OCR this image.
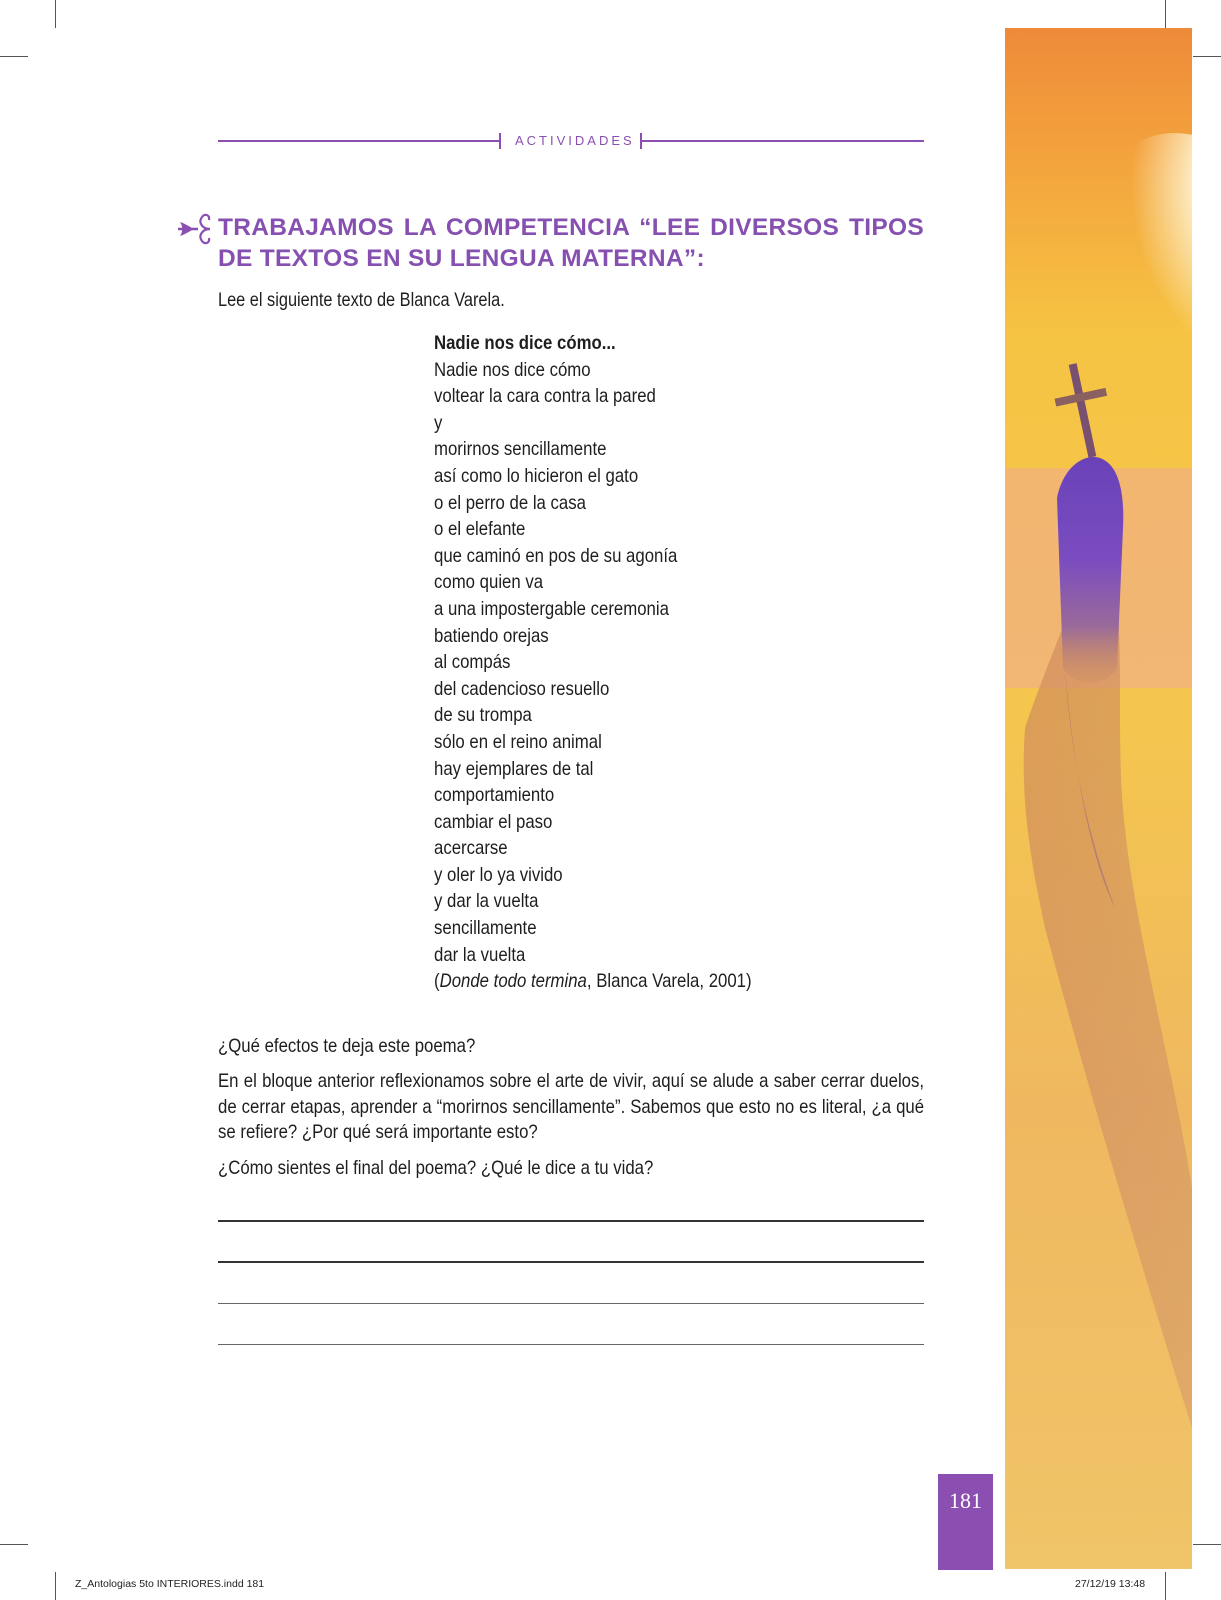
ACTIVIDADES
TRABAJAMOS LA COMPETENCIA “LEE DIVERSOS TIPOS DE TEXTOS EN SU LENGUA MATERNA”:
Lee el siguiente texto de Blanca Varela.
Nadie nos dice cómo...
Nadie nos dice cómo
voltear la cara contra la pared
y
morirnos sencillamente
así como lo hicieron el gato
o el perro de la casa
o el elefante
que caminó en pos de su agonía
como quien va
a una impostergable ceremonia
batiendo orejas
al compás
del cadencioso resuello
de su trompa
sólo en el reino animal
hay ejemplares de tal
comportamiento
cambiar el paso
acercarse
y oler lo ya vivido
y dar la vuelta
sencillamente
dar la vuelta
(Donde todo termina, Blanca Varela, 2001)
¿Qué efectos te deja este poema?
En el bloque anterior reflexionamos sobre el arte de vivir, aquí se alude a saber cerrar duelos, de cerrar etapas, aprender a “morirnos sencillamente”. Sabemos que esto no es literal, ¿a qué se refiere? ¿Por qué será importante esto?
¿Cómo sientes el final del poema? ¿Qué le dice a tu vida?
181
Z_Antologias 5to INTERIORES.indd 181	27/12/19 13:48
